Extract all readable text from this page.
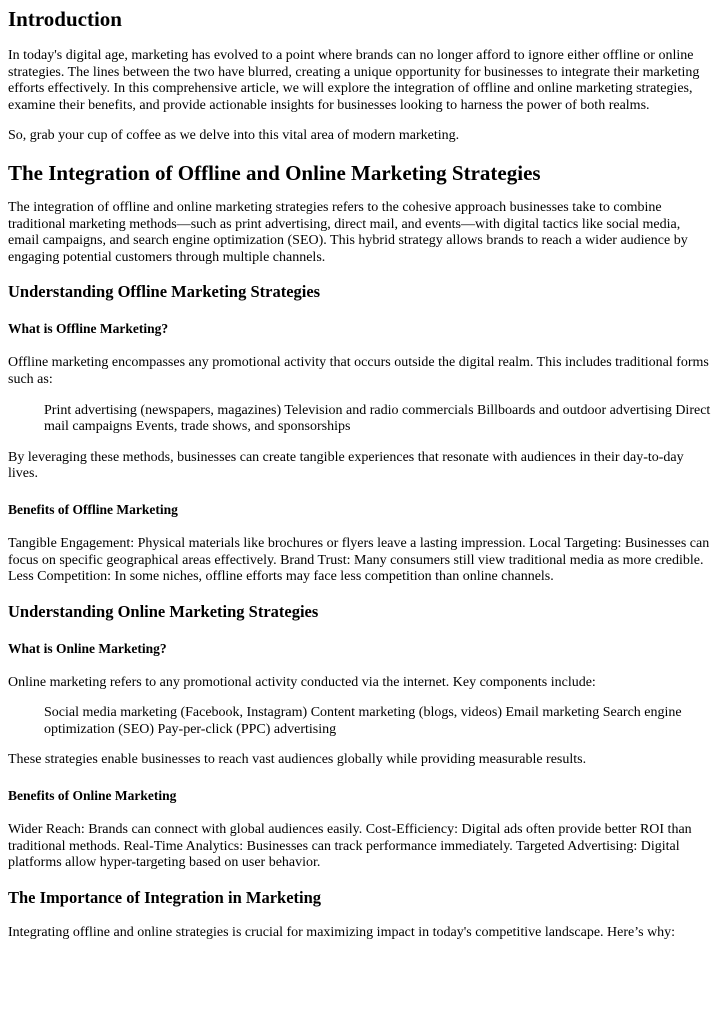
Introduction

In today's digital age, marketing has evolved to a point where brands can no longer afford to ignore either offline or online strategies. The lines between the two have blurred, creating a unique opportunity for businesses to integrate their marketing efforts effectively. In this comprehensive article, we will explore the integration of offline and online marketing strategies, examine their benefits, and provide actionable insights for businesses looking to harness the power of both realms.

So, grab your cup of coffee as we delve into this vital area of modern marketing.

The Integration of Offline and Online Marketing Strategies

The integration of offline and online marketing strategies refers to the cohesive approach businesses take to combine traditional marketing methods—such as print advertising, direct mail, and events—with digital tactics like social media, email campaigns, and search engine optimization (SEO). This hybrid strategy allows brands to reach a wider audience by engaging potential customers through multiple channels.

Understanding Offline Marketing Strategies
What is Offline Marketing?

Offline marketing encompasses any promotional activity that occurs outside the digital realm. This includes traditional forms such as:

Print advertising (newspapers, magazines) Television and radio commercials Billboards and outdoor advertising Direct mail campaigns Events, trade shows, and sponsorships

By leveraging these methods, businesses can create tangible experiences that resonate with audiences in their day-to-day lives.

Benefits of Offline Marketing

Tangible Engagement: Physical materials like brochures or flyers leave a lasting impression. Local Targeting: Businesses can focus on specific geographical areas effectively. Brand Trust: Many consumers still view traditional media as more credible. Less Competition: In some niches, offline efforts may face less competition than online channels.

Understanding Online Marketing Strategies
What is Online Marketing?

Online marketing refers to any promotional activity conducted via the internet. Key components include:

Social media marketing (Facebook, Instagram) Content marketing (blogs, videos) Email marketing Search engine optimization (SEO) Pay-per-click (PPC) advertising

These strategies enable businesses to reach vast audiences globally while providing measurable results.

Benefits of Online Marketing

Wider Reach: Brands can connect with global audiences easily. Cost-Efficiency: Digital ads often provide better ROI than traditional methods. Real-Time Analytics: Businesses can track performance immediately. Targeted Advertising: Digital platforms allow hyper-targeting based on user behavior.

The Importance of Integration in Marketing

Integrating offline and online strategies is crucial for maximizing impact in today's competitive landscape. Here’s why:
